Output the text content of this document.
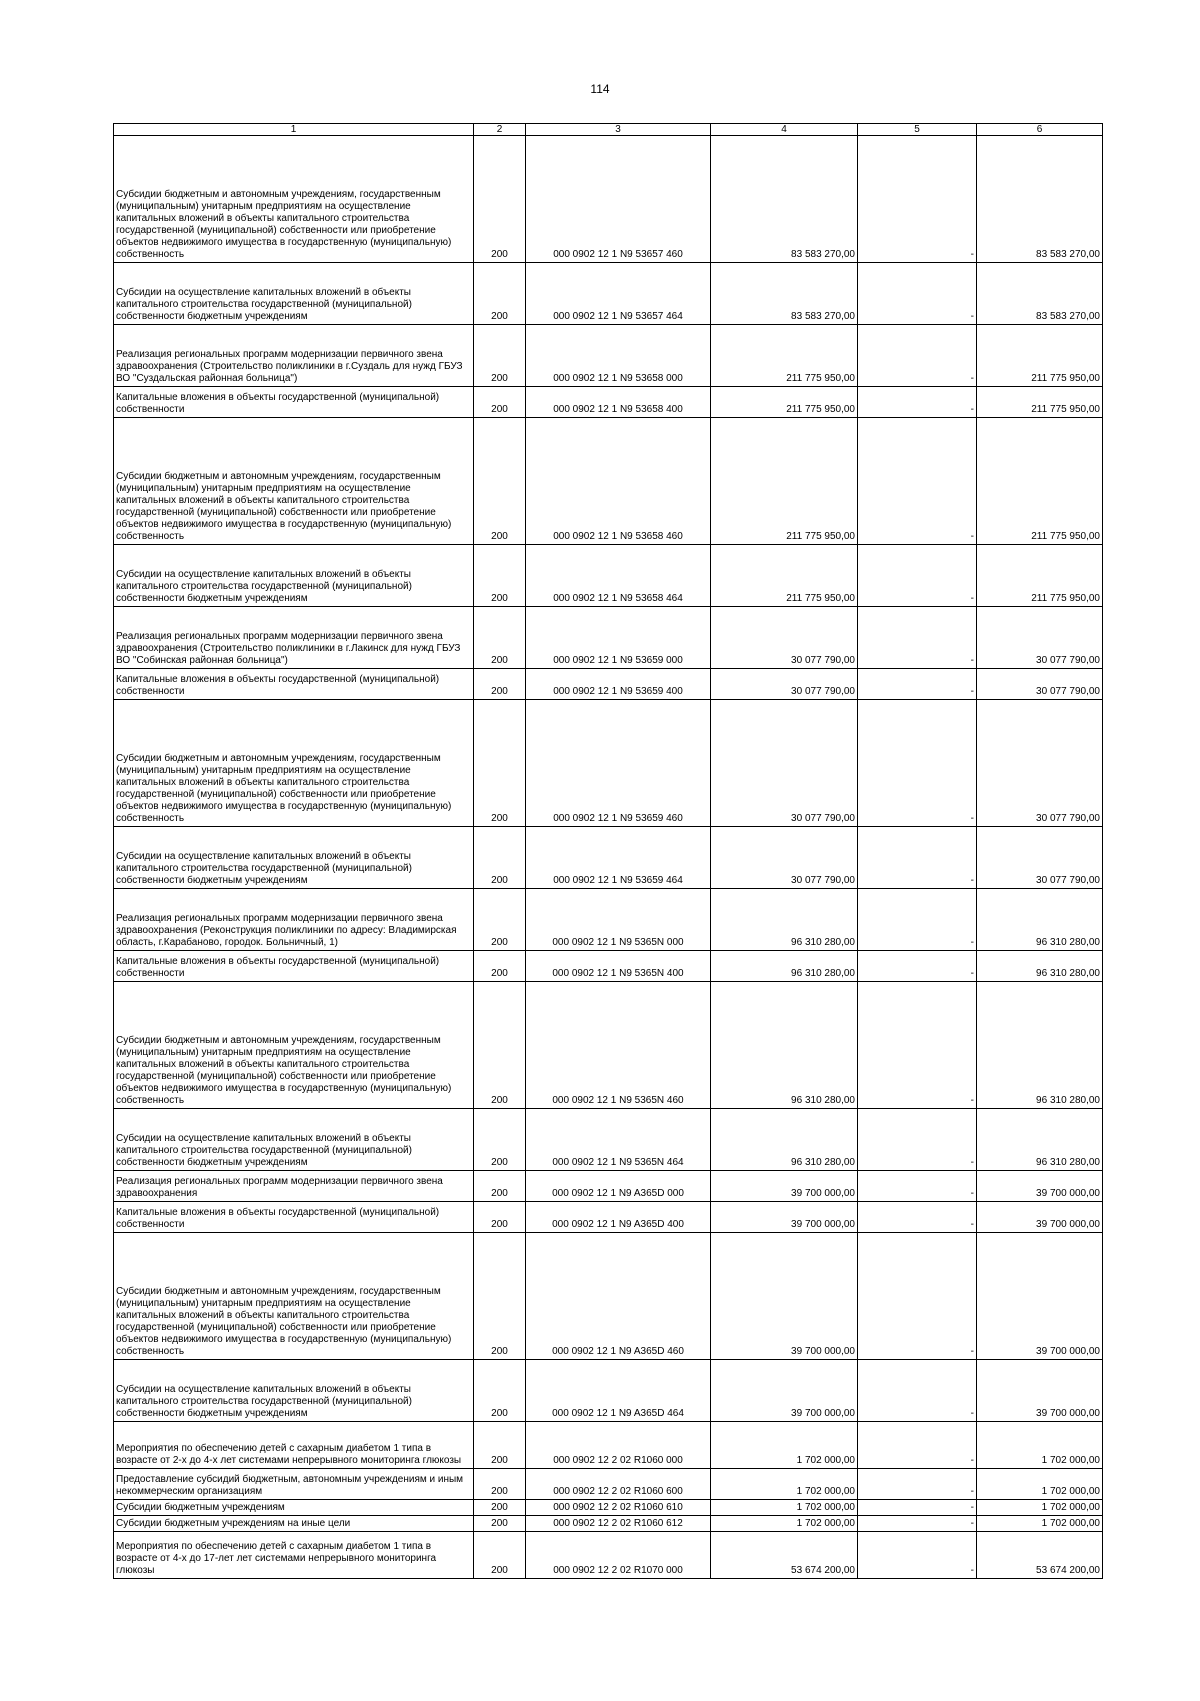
114
1	2	3	4	5	6
Субсидии бюджетным и автономным учреждениям, государственным (муниципальным) унитарным предприятиям на осуществление капитальных вложений в объекты капитального строительства государственной (муниципальной) собственности или приобретение объектов недвижимого имущества в государственную (муниципальную) собственность	200	000 0902 12 1 N9 53657 460	83 583 270,00	-	83 583 270,00
Субсидии на осуществление капитальных вложений в объекты капитального строительства государственной (муниципальной) собственности бюджетным учреждениям	200	000 0902 12 1 N9 53657 464	83 583 270,00	-	83 583 270,00
Реализация региональных программ модернизации первичного звена здравоохранения (Строительство поликлиники в г.Суздаль для нужд ГБУЗ ВО "Суздальская районная больница")	200	000 0902 12 1 N9 53658 000	211 775 950,00	-	211 775 950,00
Капитальные вложения в объекты государственной (муниципальной) собственности	200	000 0902 12 1 N9 53658 400	211 775 950,00	-	211 775 950,00
Субсидии бюджетным и автономным учреждениям, государственным (муниципальным) унитарным предприятиям на осуществление капитальных вложений в объекты капитального строительства государственной (муниципальной) собственности или приобретение объектов недвижимого имущества в государственную (муниципальную) собственность	200	000 0902 12 1 N9 53658 460	211 775 950,00	-	211 775 950,00
Субсидии на осуществление капитальных вложений в объекты капитального строительства государственной (муниципальной) собственности бюджетным учреждениям	200	000 0902 12 1 N9 53658 464	211 775 950,00	-	211 775 950,00
Реализация региональных программ модернизации первичного звена здравоохранения (Строительство поликлиники в г.Лакинск для нужд ГБУЗ ВО "Собинская районная больница")	200	000 0902 12 1 N9 53659 000	30 077 790,00	-	30 077 790,00
Капитальные вложения в объекты государственной (муниципальной) собственности	200	000 0902 12 1 N9 53659 400	30 077 790,00	-	30 077 790,00
Субсидии бюджетным и автономным учреждениям, государственным (муниципальным) унитарным предприятиям на осуществление капитальных вложений в объекты капитального строительства государственной (муниципальной) собственности или приобретение объектов недвижимого имущества в государственную (муниципальную) собственность	200	000 0902 12 1 N9 53659 460	30 077 790,00	-	30 077 790,00
Субсидии на осуществление капитальных вложений в объекты капитального строительства государственной (муниципальной) собственности бюджетным учреждениям	200	000 0902 12 1 N9 53659 464	30 077 790,00	-	30 077 790,00
Реализация региональных программ модернизации первичного звена здравоохранения (Реконструкция поликлиники по адресу: Владимирская область, г.Карабаново, городок. Больничный, 1)	200	000 0902 12 1 N9 5365N 000	96 310 280,00	-	96 310 280,00
Капитальные вложения в объекты государственной (муниципальной) собственности	200	000 0902 12 1 N9 5365N 400	96 310 280,00	-	96 310 280,00
Субсидии бюджетным и автономным учреждениям, государственным (муниципальным) унитарным предприятиям на осуществление капитальных вложений в объекты капитального строительства государственной (муниципальной) собственности или приобретение объектов недвижимого имущества в государственную (муниципальную) собственность	200	000 0902 12 1 N9 5365N 460	96 310 280,00	-	96 310 280,00
Субсидии на осуществление капитальных вложений в объекты капитального строительства государственной (муниципальной) собственности бюджетным учреждениям	200	000 0902 12 1 N9 5365N 464	96 310 280,00	-	96 310 280,00
Реализация региональных программ модернизации первичного звена здравоохранения	200	000 0902 12 1 N9 A365D 000	39 700 000,00	-	39 700 000,00
Капитальные вложения в объекты государственной (муниципальной) собственности	200	000 0902 12 1 N9 A365D 400	39 700 000,00	-	39 700 000,00
Субсидии бюджетным и автономным учреждениям, государственным (муниципальным) унитарным предприятиям на осуществление капитальных вложений в объекты капитального строительства государственной (муниципальной) собственности или приобретение объектов недвижимого имущества в государственную (муниципальную) собственность	200	000 0902 12 1 N9 A365D 460	39 700 000,00	-	39 700 000,00
Субсидии на осуществление капитальных вложений в объекты капитального строительства государственной (муниципальной) собственности бюджетным учреждениям	200	000 0902 12 1 N9 A365D 464	39 700 000,00	-	39 700 000,00
Мероприятия по обеспечению детей с сахарным диабетом 1 типа в возрасте от 2-х до 4-х лет системами непрерывного мониторинга глюкозы	200	000 0902 12 2 02 R1060 000	1 702 000,00	-	1 702 000,00
Предоставление субсидий бюджетным, автономным учреждениям и иным некоммерческим организациям	200	000 0902 12 2 02 R1060 600	1 702 000,00	-	1 702 000,00
Субсидии бюджетным учреждениям	200	000 0902 12 2 02 R1060 610	1 702 000,00	-	1 702 000,00
Субсидии бюджетным учреждениям на иные цели	200	000 0902 12 2 02 R1060 612	1 702 000,00	-	1 702 000,00
Мероприятия по обеспечению детей с сахарным диабетом 1 типа в возрасте от 4-х до 17-лет лет системами непрерывного мониторинга глюкозы	200	000 0902 12 2 02 R1070 000	53 674 200,00	-	53 674 200,00
